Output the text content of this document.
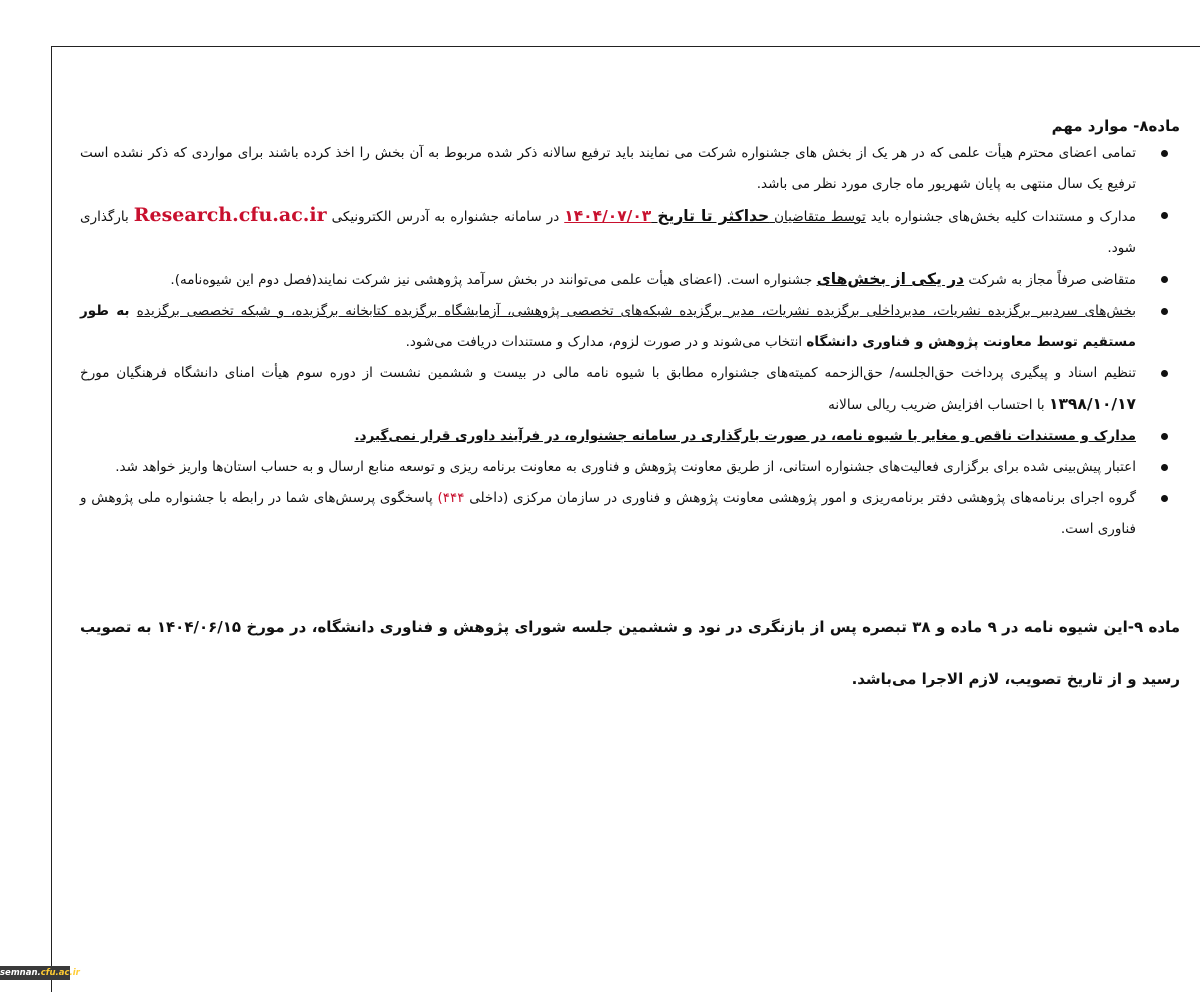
ماده۸- موارد مهم
تمامی اعضای محترم هیأت علمی که در هر یک از بخش های جشنواره شرکت می نمایند باید ترفیع سالانه ذکر شده مربوط به آن بخش را اخذ کرده باشند برای مواردی که ذکر نشده است ترفیع یک سال منتهی به پایان شهریور ماه جاری مورد نظر می باشد.
مدارک و مستندات کلیه بخش‌های جشنواره باید توسط متقاضیان حداکثر تا تاریخ ۱۴۰۴/۰۷/۰۳ در سامانه جشنواره به آدرس الکترونیکی Research.cfu.ac.ir بارگذاری شود.
متقاضی صرفاً مجاز به شرکت در یکی از بخش‌های جشنواره است. (اعضای هیأت علمی می‌توانند در بخش سرآمد پژوهشی نیز شرکت نمایند(فصل دوم این شیوه‌نامه).
بخش‌های سردبیر برگزیده نشریات، مدیرداخلی برگزیده نشریات، مدیر برگزیده شبکه‌های تخصصی پژوهشی، آزمایشگاه برگزیده کتابخانه برگزیده، و شبکه تخصصی برگزیده به طور مستقیم توسط معاونت پژوهش و فناوری دانشگاه انتخاب می‌شوند و در صورت لزوم، مدارک و مستندات دریافت می‌شود.
تنظیم اسناد و پیگیری پرداخت حق‌الجلسه/ حق‌الزحمه کمیته‌های جشنواره مطابق با شیوه نامه مالی در بیست و ششمین نشست از دوره سوم هیأت امنای دانشگاه فرهنگیان مورخ ۱۳۹۸/۱۰/۱۷ با احتساب افزایش ضریب ریالی سالانه
مدارک و مستندات ناقص و مغایر با شیوه نامه، در صورت بارگذاری در سامانه جشنواره، در فرآیند داوری قرار نمی‌گیرد.
اعتبار پیش‌بینی شده برای برگزاری فعالیت‌های جشنواره استانی، از طریق معاونت پژوهش و فناوری به معاونت برنامه ریزی و توسعه منابع ارسال و به حساب استان‌ها واریز خواهد شد.
گروه اجرای برنامه‌های پژوهشی دفتر برنامه‌ریزی و امور پژوهشی معاونت پژوهش و فناوری در سازمان مرکزی (داخلی ۴۴۴) پاسخگوی پرسش‌های شما در رابطه با جشنواره ملی پژوهش و فناوری است.
ماده ۹-این شیوه نامه در ۹ ماده و ۳۸ تبصره پس از بازنگری در نود و ششمین جلسه شورای پژوهش و فناوری دانشگاه، در مورخ ۱۴۰۴/۰۶/۱۵ به تصویب رسید و از تاریخ تصویب، لازم الاجرا می‌باشد.
semnan.cfu.ac.ir
